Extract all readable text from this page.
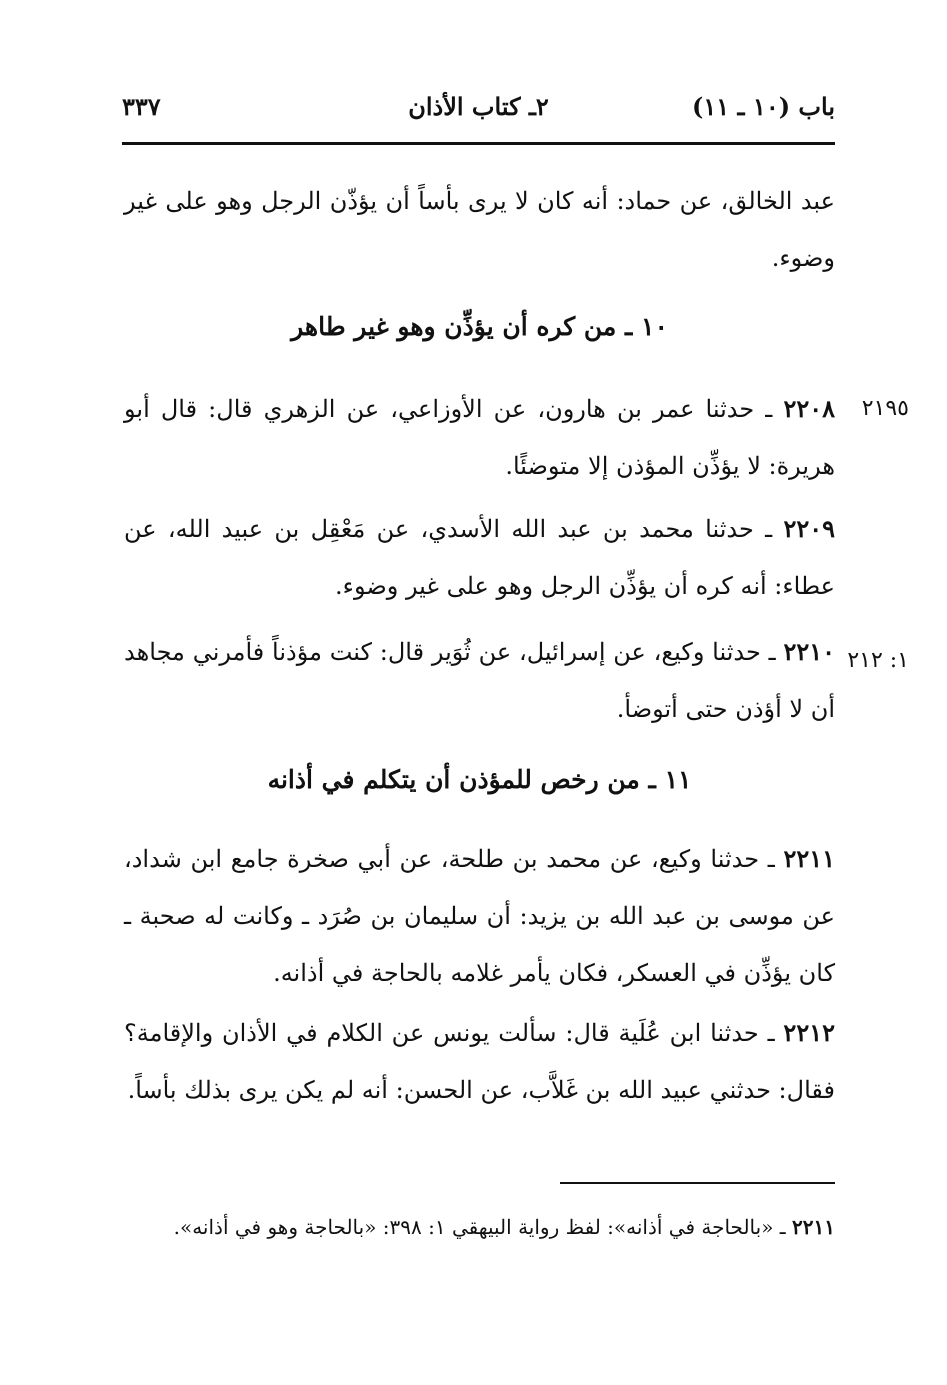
باب (١٠ ـ ١١)
٢ـ كتاب الأذان
٣٣٧
عبد الخالق، عن حماد: أنه كان لا يرى بأساً أن يؤذّن الرجل وهو على غير وضوء.
١٠ ـ من كره أن يؤذِّن وهو غير طاهر
٢١٩٥
٢٢٠٨ ـ حدثنا عمر بن هارون، عن الأوزاعي، عن الزهري قال: قال أبو هريرة: لا يؤذِّن المؤذن إلا متوضئًا.
٢٢٠٩ ـ حدثنا محمد بن عبد الله الأسدي، عن مَعْقِل بن عبيد الله، عن عطاء: أنه كره أن يؤذِّن الرجل وهو على غير وضوء.
١: ٢١٢
٢٢١٠ ـ حدثنا وكيع، عن إسرائيل، عن ثُوَير قال: كنت مؤذناً فأمرني مجاهد أن لا أؤذن حتى أتوضأ.
١١ ـ من رخص للمؤذن أن يتكلم في أذانه
٢٢١١ ـ حدثنا وكيع، عن محمد بن طلحة، عن أبي صخرة جامع ابن شداد، عن موسى بن عبد الله بن يزيد: أن سليمان بن صُرَد ـ وكانت له صحبة ـ كان يؤذِّن في العسكر، فكان يأمر غلامه بالحاجة في أذانه.
٢٢١٢ ـ حدثنا ابن عُلَية قال: سألت يونس عن الكلام في الأذان والإقامة؟ فقال: حدثني عبيد الله بن غَلاَّب، عن الحسن: أنه لم يكن يرى بذلك بأساً.
٢٢١١ ـ «بالحاجة في أذانه»: لفظ رواية البيهقي ١: ٣٩٨: «بالحاجة وهو في أذانه».
